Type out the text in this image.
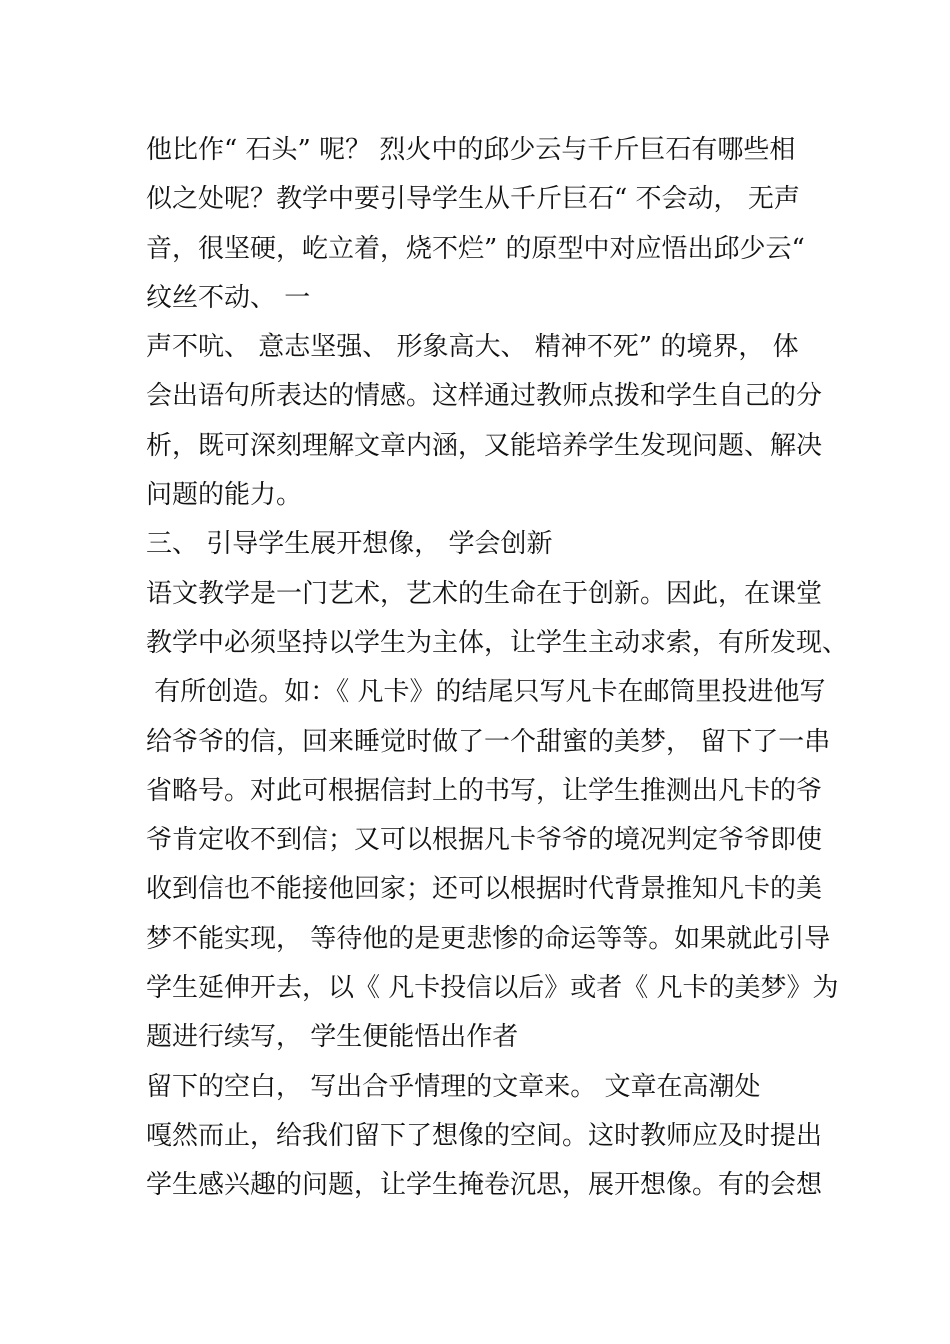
他比作“ 石头” 呢？ 烈火中的邱少云与千斤巨石有哪些相
似之处呢？教学中要引导学生从千斤巨石“ 不会动， 无声
音，很坚硬，屹立着，烧不烂” 的原型中对应悟出邱少云“
纹丝不动、 一
声不吭、 意志坚强、 形象高大、 精神不死” 的境界， 体
会出语句所表达的情感。这样通过教师点拨和学生自己的分
析，既可深刻理解文章内涵，又能培养学生发现问题、解决
问题的能力。
三、 引导学生展开想像， 学会创新
语文教学是一门艺术，艺术的生命在于创新。因此，在课堂
教学中必须坚持以学生为主体，让学生主动求索，有所发现、
有所创造。如：《 凡卡》的结尾只写凡卡在邮筒里投进他写
给爷爷的信，回来睡觉时做了一个甜蜜的美梦， 留下了一串
省略号。对此可根据信封上的书写，让学生推测出凡卡的爷
爷肯定收不到信；又可以根据凡卡爷爷的境况判定爷爷即使
收到信也不能接他回家；还可以根据时代背景推知凡卡的美
梦不能实现， 等待他的是更悲惨的命运等等。如果就此引导
学生延伸开去，以《 凡卡投信以后》或者《 凡卡的美梦》为
题进行续写， 学生便能悟出作者
留下的空白， 写出合乎情理的文章来。 文章在高潮处
嘎然而止，给我们留下了想像的空间。这时教师应及时提出
学生感兴趣的问题，让学生掩卷沉思，展开想像。有的会想
